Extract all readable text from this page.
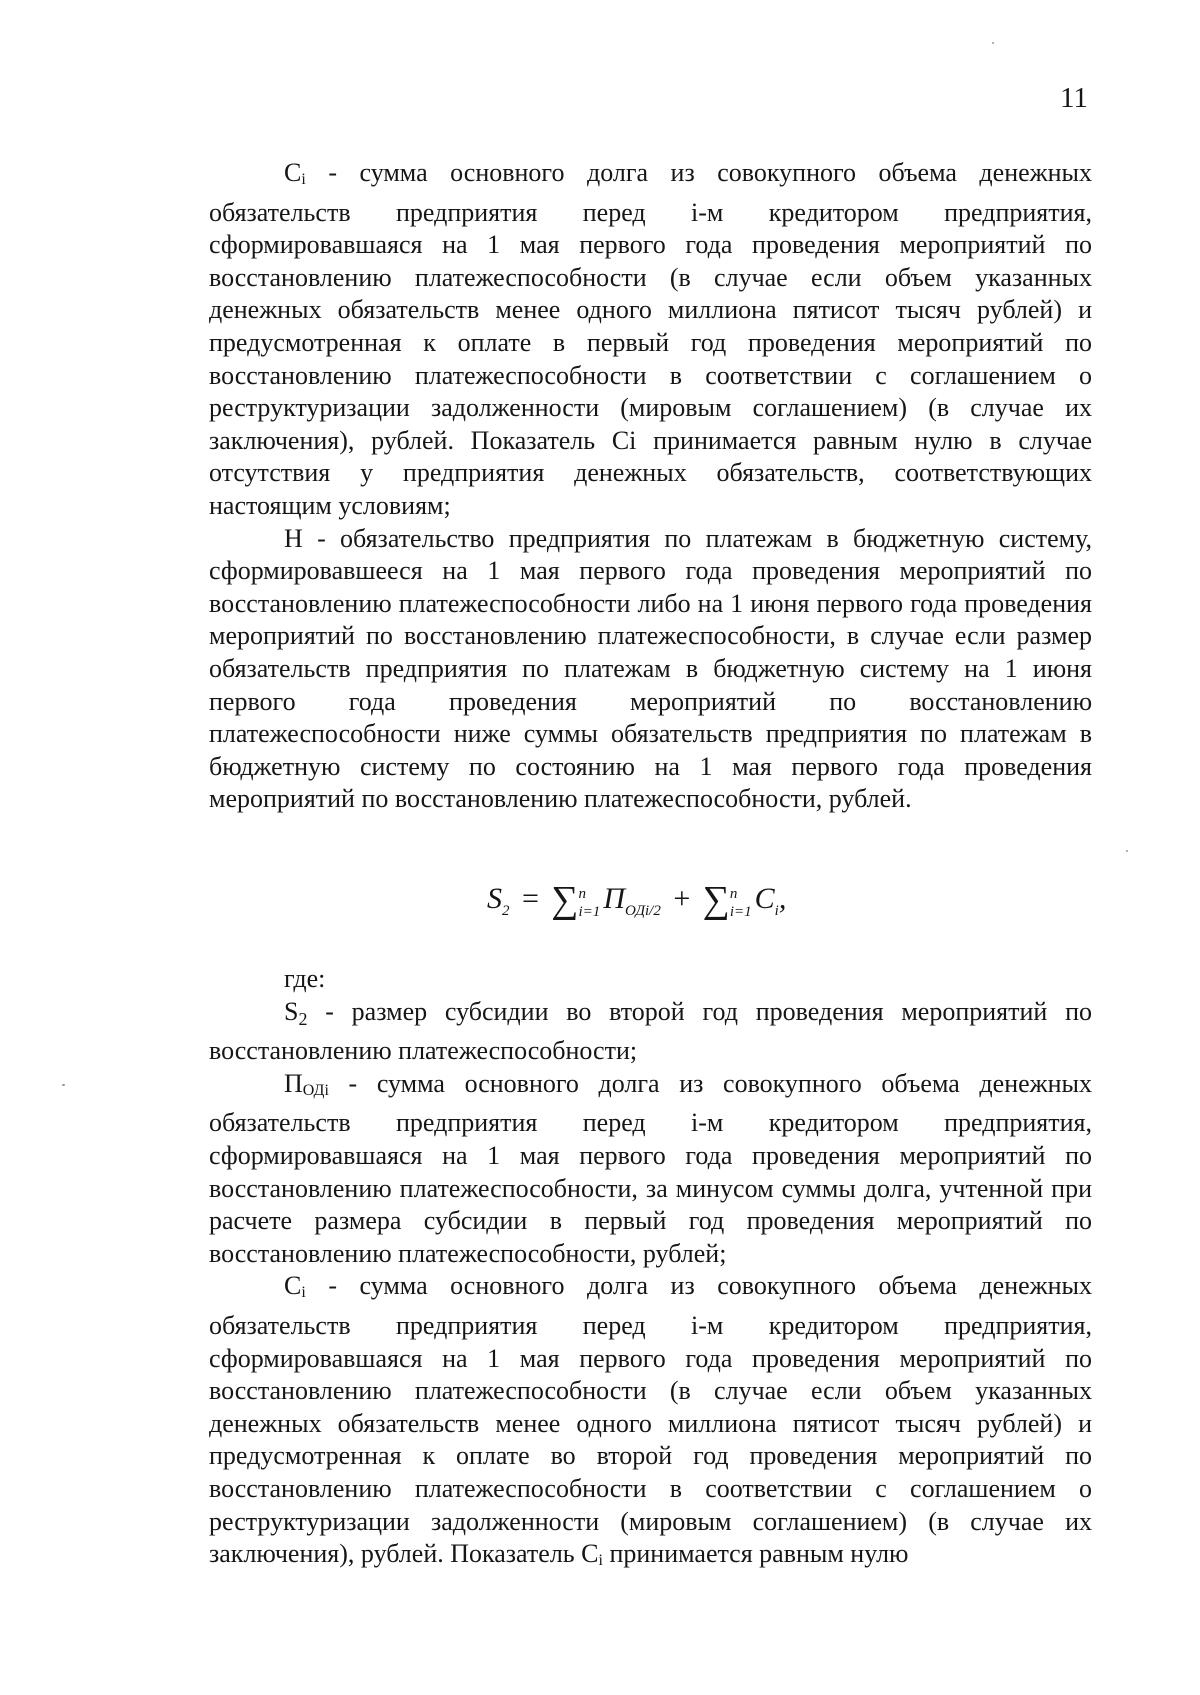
11

Ci - сумма основного долга из совокупного объема денежных обязательств предприятия перед i-м кредитором предприятия, сформировавшаяся на 1 мая первого года проведения мероприятий по восстановлению платежеспособности (в случае если объем указанных денежных обязательств менее одного миллиона пятисот тысяч рублей) и предусмотренная к оплате в первый год проведения мероприятий по восстановлению платежеспособности в соответствии с соглашением о реструктуризации задолженности (мировым соглашением) (в случае их заключения), рублей. Показатель Ci принимается равным нулю в случае отсутствия у предприятия денежных обязательств, соответствующих настоящим условиям;

Н - обязательство предприятия по платежам в бюджетную систему, сформировавшееся на 1 мая первого года проведения мероприятий по восстановлению платежеспособности либо на 1 июня первого года проведения мероприятий по восстановлению платежеспособности, в случае если размер обязательств предприятия по платежам в бюджетную систему на 1 июня первого года проведения мероприятий по восстановлению платежеспособности ниже суммы обязательств предприятия по платежам в бюджетную систему по состоянию на 1 мая первого года проведения мероприятий по восстановлению платежеспособности, рублей.

$S_2$ = ∑ n
i=1 $П_{ОДi/2}$ + ∑ n
i=1 $C_i$,

где:

S2 - размер субсидии во второй год проведения мероприятий по восстановлению платежеспособности;

ПОДi - сумма основного долга из совокупного объема денежных обязательств предприятия перед i-м кредитором предприятия, сформировавшаяся на 1 мая первого года проведения мероприятий по восстановлению платежеспособности, за минусом суммы долга, учтенной при расчете размера субсидии в первый год проведения мероприятий по восстановлению платежеспособности, рублей;

Ci - сумма основного долга из совокупного объема денежных обязательств предприятия перед i-м кредитором предприятия, сформировавшаяся на 1 мая первого года проведения мероприятий по восстановлению платежеспособности (в случае если объем указанных денежных обязательств менее одного миллиона пятисот тысяч рублей) и предусмотренная к оплате во второй год проведения мероприятий по восстановлению платежеспособности в соответствии с соглашением о реструктуризации задолженности (мировым соглашением) (в случае их заключения), рублей. Показатель Ci принимается равным нулю
